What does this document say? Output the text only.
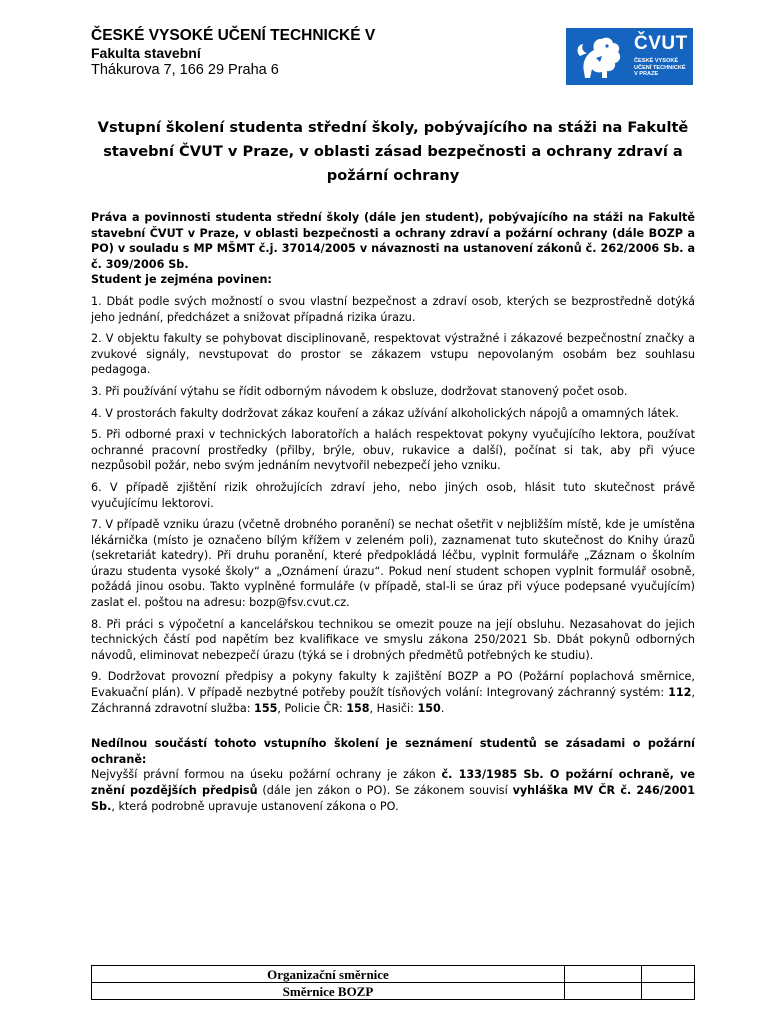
ČESKÉ VYSOKÉ UČENÍ TECHNICKÉ V
Fakulta stavební
Thákurova 7, 166 29 Praha 6
ČVUT
ČESKÉ VYSOKÉ
UČENÍ TECHNICKÉ
V PRAZE
Vstupní školení studenta střední školy, pobývajícího na stáži na Fakultě stavební ČVUT v Praze, v oblasti zásad bezpečnosti a ochrany zdraví a požární ochrany

Práva a povinnosti studenta střední školy (dále jen student), pobývajícího na stáži na Fakultě stavební ČVUT v Praze, v oblasti bezpečnosti a ochrany zdraví a požární ochrany (dále BOZP a PO) v souladu s MP MŠMT č.j. 37014/2005 v návaznosti na ustanovení zákonů č. 262/2006 Sb. a č. 309/2006 Sb.

Student je zejména povinen:

1. Dbát podle svých možností o svou vlastní bezpečnost a zdraví osob, kterých se bezprostředně dotýká jeho jednání, předcházet a snižovat případná rizika úrazu.

2. V objektu fakulty se pohybovat disciplinovaně, respektovat výstražné i zákazové bezpečnostní značky a zvukové signály, nevstupovat do prostor se zákazem vstupu nepovolaným osobám bez souhlasu pedagoga.

3. Při používání výtahu se řídit odborným návodem k obsluze, dodržovat stanovený počet osob.

4. V prostorách fakulty dodržovat zákaz kouření a zákaz užívání alkoholických nápojů a omamných látek.

5. Při odborné praxi v technických laboratořích a halách respektovat pokyny vyučujícího lektora, používat ochranné pracovní prostředky (přilby, brýle, obuv, rukavice a další), počínat si tak, aby při výuce nezpůsobil požár, nebo svým jednáním nevytvořil nebezpečí jeho vzniku.

6. V případě zjištění rizik ohrožujících zdraví jeho, nebo jiných osob, hlásit tuto skutečnost právě vyučujícímu lektorovi.

7. V případě vzniku úrazu (včetně drobného poranění) se nechat ošetřit v nejbližším místě, kde je umístěna lékárnička (místo je označeno bílým křížem v zeleném poli), zaznamenat tuto skutečnost do Knihy úrazů (sekretariát katedry). Při druhu poranění, které předpokládá léčbu, vyplnit formuláře „Záznam o školním úrazu studenta vysoké školy“ a „Oznámení úrazu“. Pokud není student schopen vyplnit formulář osobně, požádá jinou osobu. Takto vyplněné formuláře (v případě, stal-li se úraz při výuce podepsané vyučujícím) zaslat el. poštou na adresu: bozp@fsv.cvut.cz.

8. Při práci s výpočetní a kancelářskou technikou se omezit pouze na její obsluhu. Nezasahovat do jejich technických částí pod napětím bez kvalifikace ve smyslu zákona 250/2021 Sb. Dbát pokynů odborných návodů, eliminovat nebezpečí úrazu (týká se i drobných předmětů potřebných ke studiu).

9. Dodržovat provozní předpisy a pokyny fakulty k zajištění BOZP a PO (Požární poplachová směrnice, Evakuační plán). V případě nezbytné potřeby použít tísňových volání: Integrovaný záchranný systém: 112, Záchranná zdravotní služba: 155, Policie ČR: 158, Hasiči: 150.

Nedílnou součástí tohoto vstupního školení je seznámení studentů se zásadami o požární ochraně:

Nejvyšší právní formou na úseku požární ochrany je zákon č. 133/1985 Sb. O požární ochraně, ve znění pozdějších předpisů (dále jen zákon o PO). Se zákonem souvisí vyhláška MV ČR č. 246/2001 Sb., která podrobně upravuje ustanovení zákona o PO.

Organizační směrnice		
Směrnice BOZP		
